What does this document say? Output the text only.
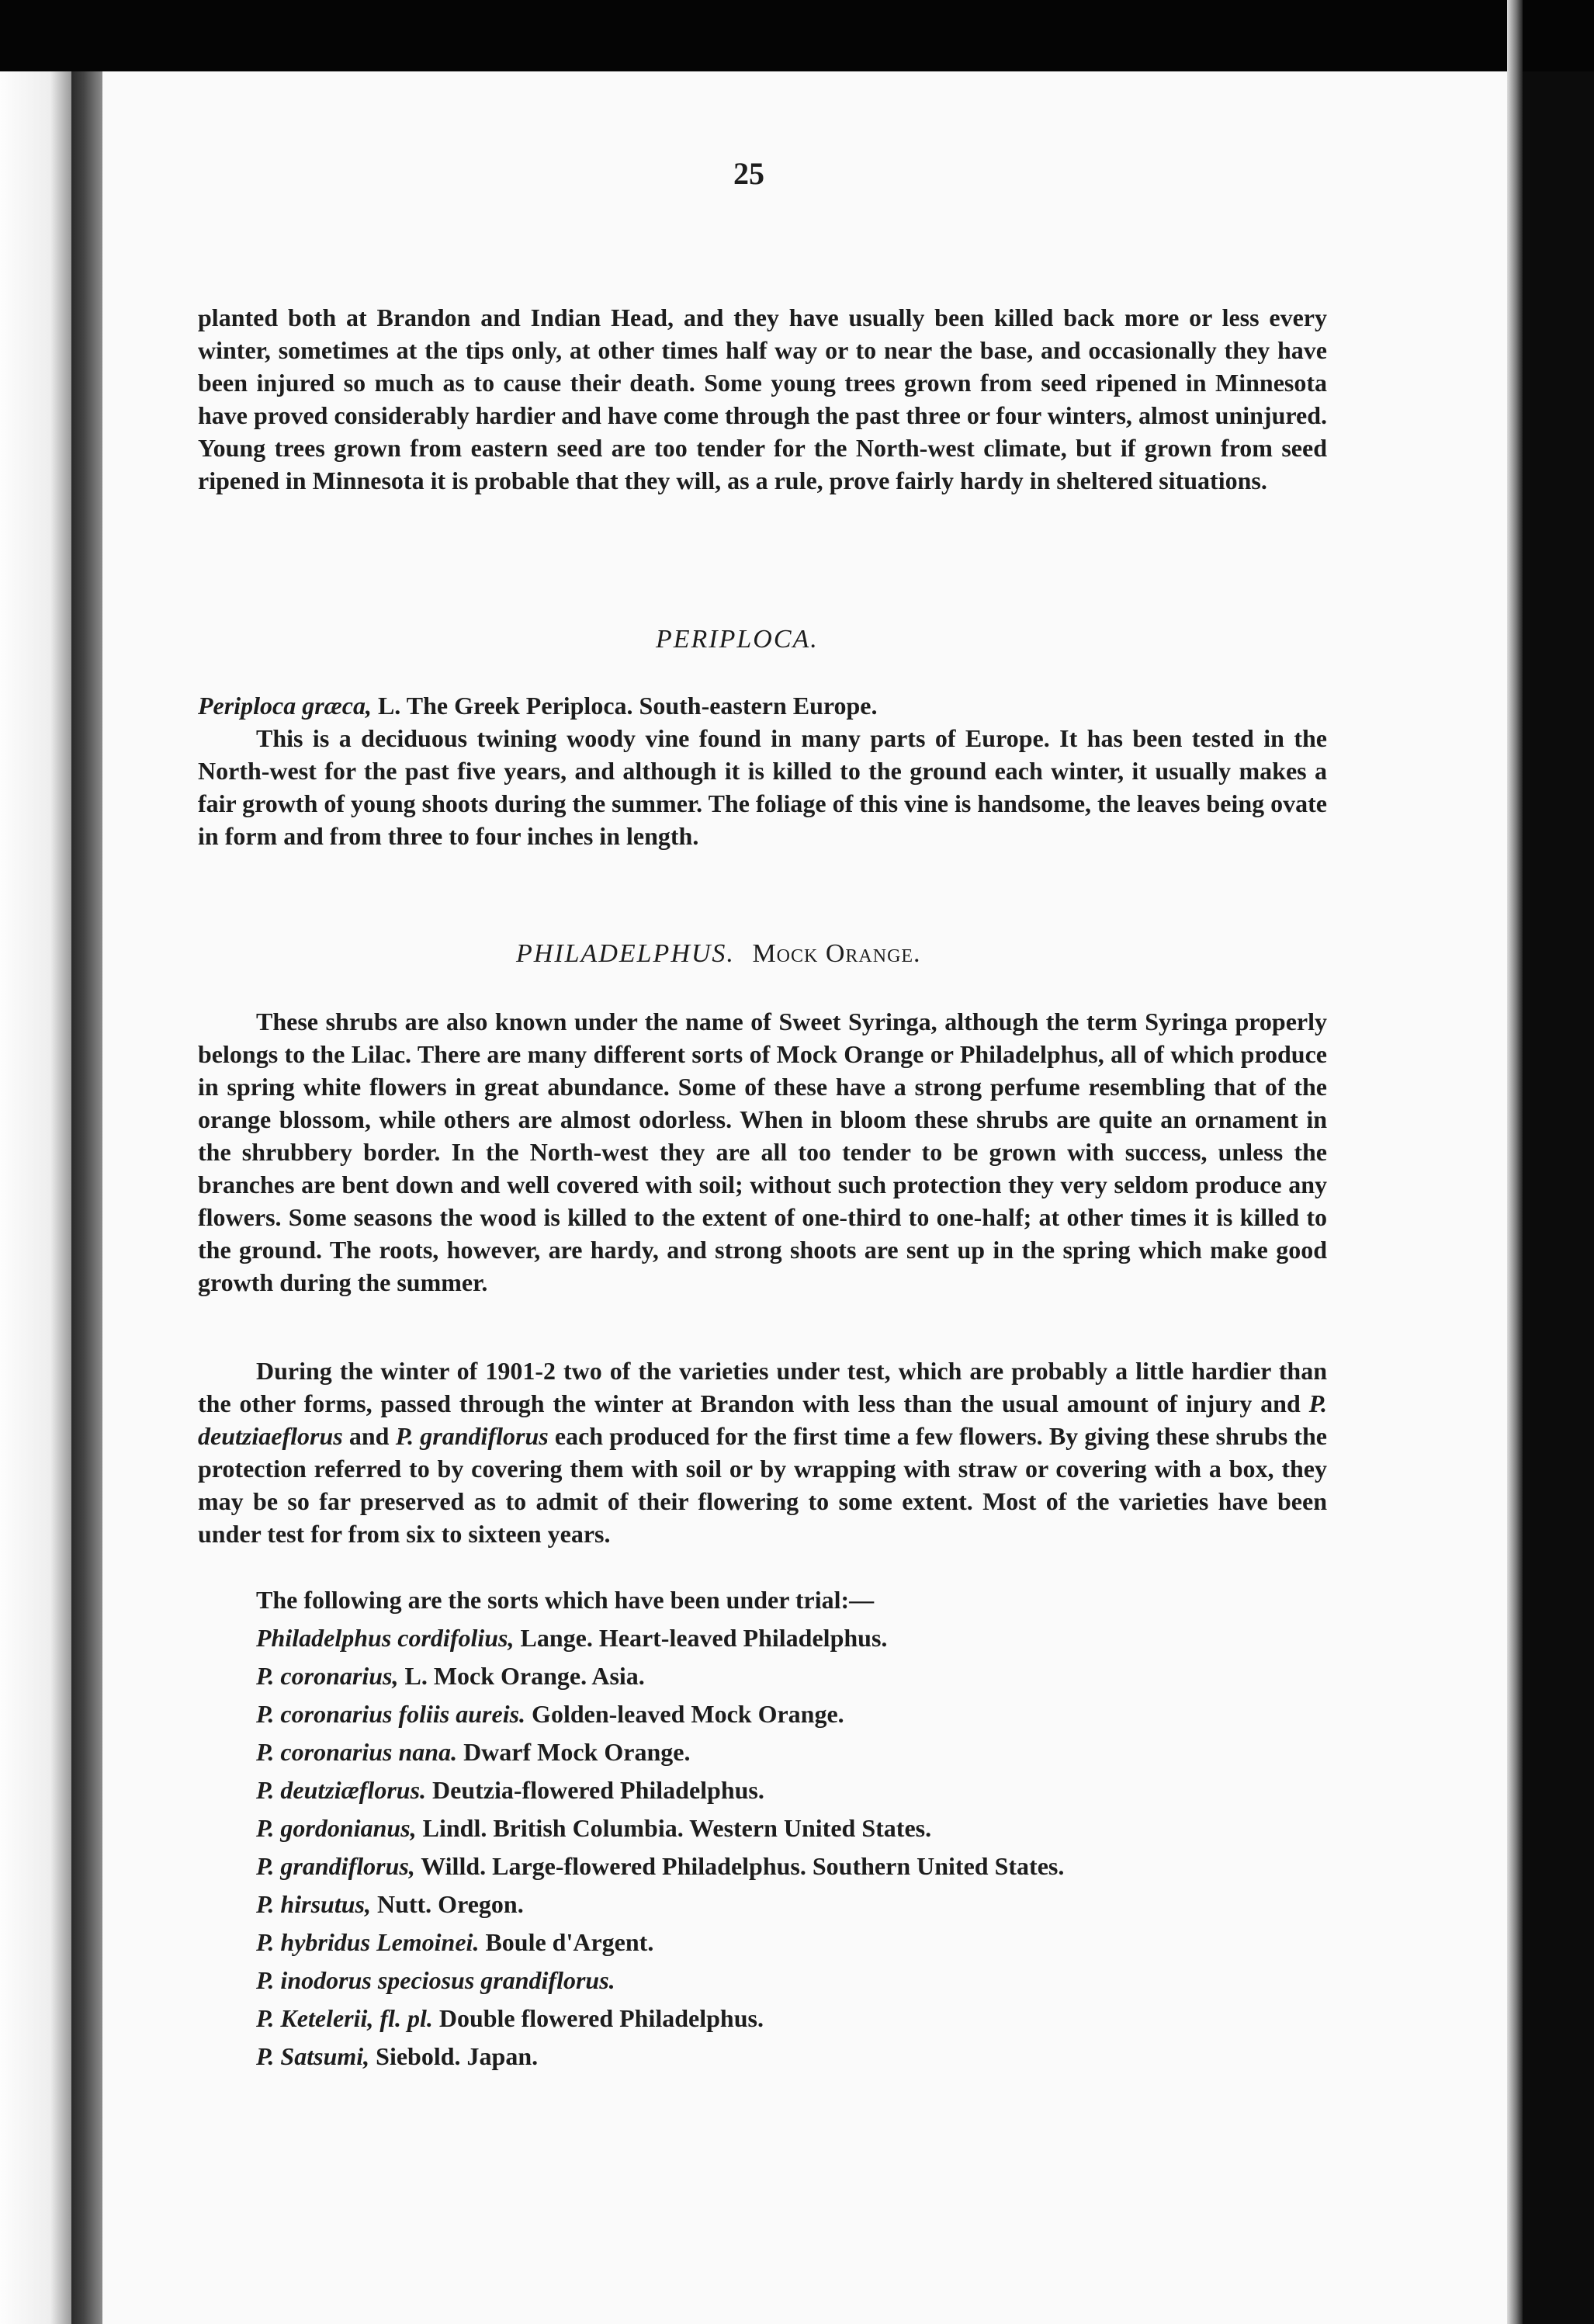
25
planted both at Brandon and Indian Head, and they have usually been killed back more or less every winter, sometimes at the tips only, at other times half way or to near the base, and occasionally they have been injured so much as to cause their death. Some young trees grown from seed ripened in Minnesota have proved considerably hardier and have come through the past three or four winters, almost uninjured. Young trees grown from eastern seed are too tender for the North-west climate, but if grown from seed ripened in Minnesota it is probable that they will, as a rule, prove fairly hardy in sheltered situations.
PERIPLOCA.
Periploca græca, L. The Greek Periploca. South-eastern Europe.
This is a deciduous twining woody vine found in many parts of Europe. It has been tested in the North-west for the past five years, and although it is killed to the ground each winter, it usually makes a fair growth of young shoots during the summer. The foliage of this vine is handsome, the leaves being ovate in form and from three to four inches in length.
PHILADELPHUS. Mock Orange.
These shrubs are also known under the name of Sweet Syringa, although the term Syringa properly belongs to the Lilac. There are many different sorts of Mock Orange or Philadelphus, all of which produce in spring white flowers in great abundance. Some of these have a strong perfume resembling that of the orange blossom, while others are almost odorless. When in bloom these shrubs are quite an ornament in the shrubbery border. In the North-west they are all too tender to be grown with success, unless the branches are bent down and well covered with soil; without such protection they very seldom produce any flowers. Some seasons the wood is killed to the extent of one-third to one-half; at other times it is killed to the ground. The roots, however, are hardy, and strong shoots are sent up in the spring which make good growth during the summer.
During the winter of 1901-2 two of the varieties under test, which are probably a little hardier than the other forms, passed through the winter at Brandon with less than the usual amount of injury and P. deutziaeflorus and P. grandiflorus each produced for the first time a few flowers. By giving these shrubs the protection referred to by covering them with soil or by wrapping with straw or covering with a box, they may be so far preserved as to admit of their flowering to some extent. Most of the varieties have been under test for from six to sixteen years.
The following are the sorts which have been under trial:—
Philadelphus cordifolius, Lange. Heart-leaved Philadelphus.
P. coronarius, L. Mock Orange. Asia.
P. coronarius foliis aureis. Golden-leaved Mock Orange.
P. coronarius nana. Dwarf Mock Orange.
P. deutziæflorus. Deutzia-flowered Philadelphus.
P. gordonianus, Lindl. British Columbia. Western United States.
P. grandiflorus, Willd. Large-flowered Philadelphus. Southern United States.
P. hirsutus, Nutt. Oregon.
P. hybridus Lemoinei. Boule d'Argent.
P. inodorus speciosus grandiflorus.
P. Ketelerii, fl. pl. Double flowered Philadelphus.
P. Satsumi, Siebold. Japan.
